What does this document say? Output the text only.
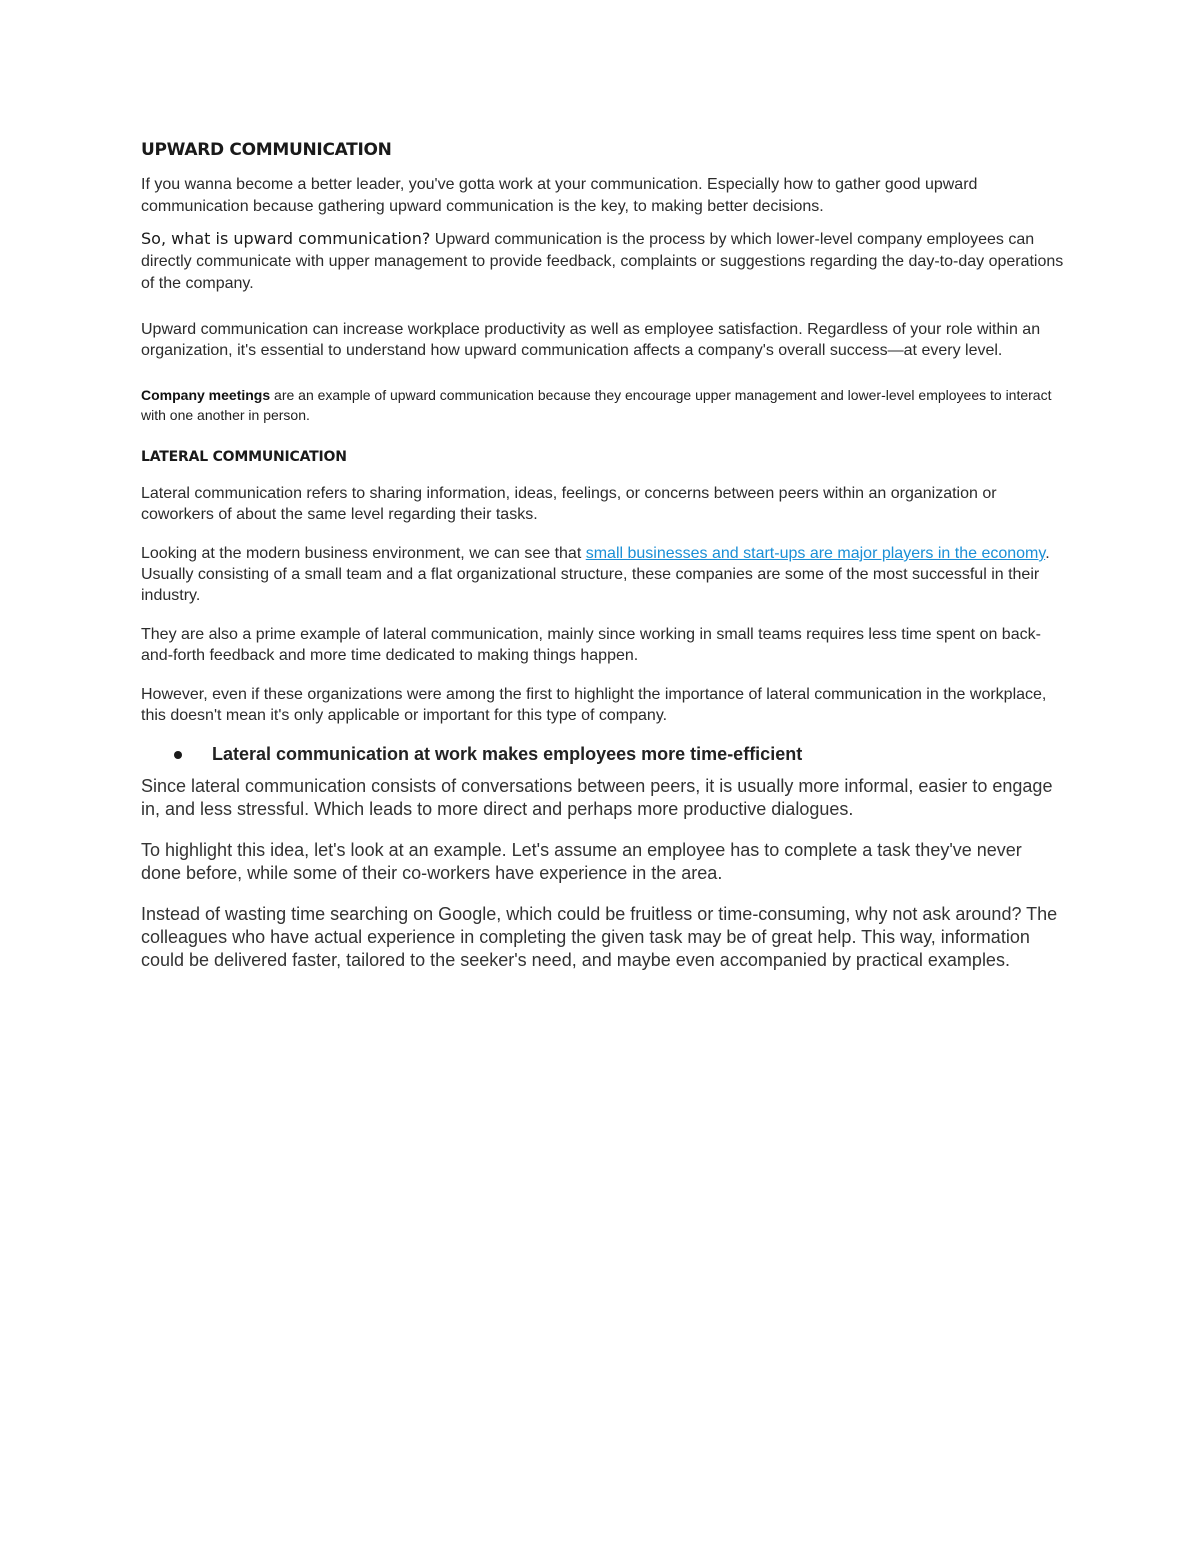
UPWARD COMMUNICATION

If you wanna become a better leader, you've gotta work at your communication. Especially how to gather good upward communication because gathering upward communication is the key, to making better decisions.

So, what is upward communication? Upward communication is the process by which lower-level company employees can directly communicate with upper management to provide feedback, complaints or suggestions regarding the day-to-day operations of the company.

Upward communication can increase workplace productivity as well as employee satisfaction. Regardless of your role within an organization, it's essential to understand how upward communication affects a company's overall success—at every level.

Company meetings are an example of upward communication because they encourage upper management and lower-level employees to interact with one another in person.

LATERAL COMMUNICATION

Lateral communication refers to sharing information, ideas, feelings, or concerns between peers within an organization or coworkers of about the same level regarding their tasks.

Looking at the modern business environment, we can see that small businesses and start-ups are major players in the economy. Usually consisting of a small team and a flat organizational structure, these companies are some of the most successful in their industry.

They are also a prime example of lateral communication, mainly since working in small teams requires less time spent on back-and-forth feedback and more time dedicated to making things happen.

However, even if these organizations were among the first to highlight the importance of lateral communication in the workplace, this doesn't mean it's only applicable or important for this type of company.

Lateral communication at work makes employees more time-efficient

Since lateral communication consists of conversations between peers, it is usually more informal, easier to engage in, and less stressful. Which leads to more direct and perhaps more productive dialogues.

To highlight this idea, let's look at an example. Let's assume an employee has to complete a task they've never done before, while some of their co-workers have experience in the area.

Instead of wasting time searching on Google, which could be fruitless or time-consuming, why not ask around? The colleagues who have actual experience in completing the given task may be of great help. This way, information could be delivered faster, tailored to the seeker's need, and maybe even accompanied by practical examples.
